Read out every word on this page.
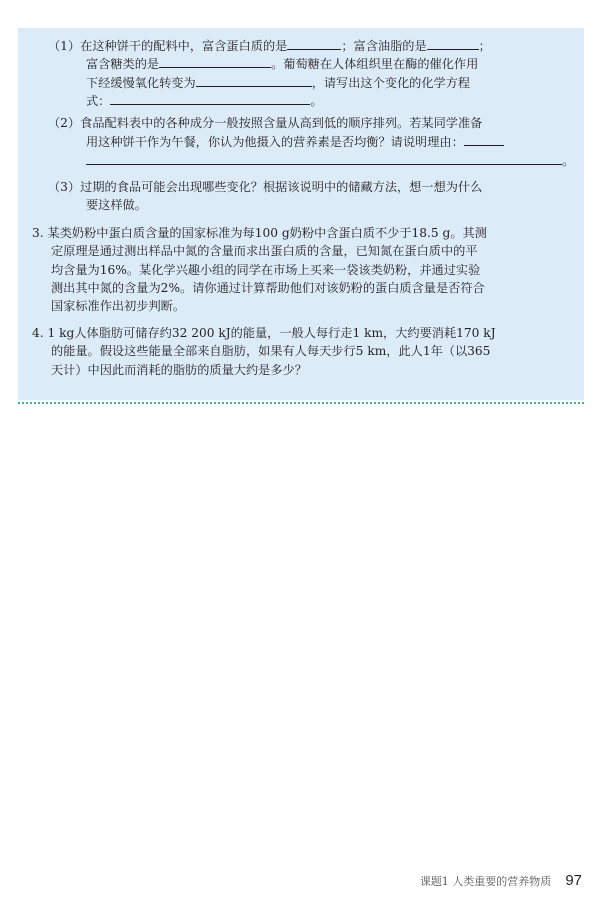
（1）在这种饼干的配料中，富含蛋白质的是	；富含油脂的是	；
富含糖类的是	。葡萄糖在人体组织里在酶的催化作用
下经缓慢氧化转变为	，请写出这个变化的化学方程
式：	。
（2）食品配料表中的各种成分一般按照含量从高到低的顺序排列。若某同学准备
用这种饼干作为午餐，你认为他摄入的营养素是否均衡？请说明理由：
。
（3）过期的食品可能会出现哪些变化？根据该说明中的储藏方法，想一想为什么
要这样做。
3. 某类奶粉中蛋白质含量的国家标准为每100 g奶粉中含蛋白质不少于18.5 g。其测
定原理是通过测出样品中氮的含量而求出蛋白质的含量，已知氮在蛋白质中的平
均含量为16%。某化学兴趣小组的同学在市场上买来一袋该类奶粉，并通过实验
测出其中氮的含量为2%。请你通过计算帮助他们对该奶粉的蛋白质含量是否符合
国家标准作出初步判断。
4. 1 kg人体脂肪可储存约32 200 kJ的能量，一般人每行走1 km，大约要消耗170 kJ
的能量。假设这些能量全部来自脂肪，如果有人每天步行5 km，此人1年（以365
天计）中因此而消耗的脂肪的质量大约是多少？
课题1 人类重要的营养物质 97
